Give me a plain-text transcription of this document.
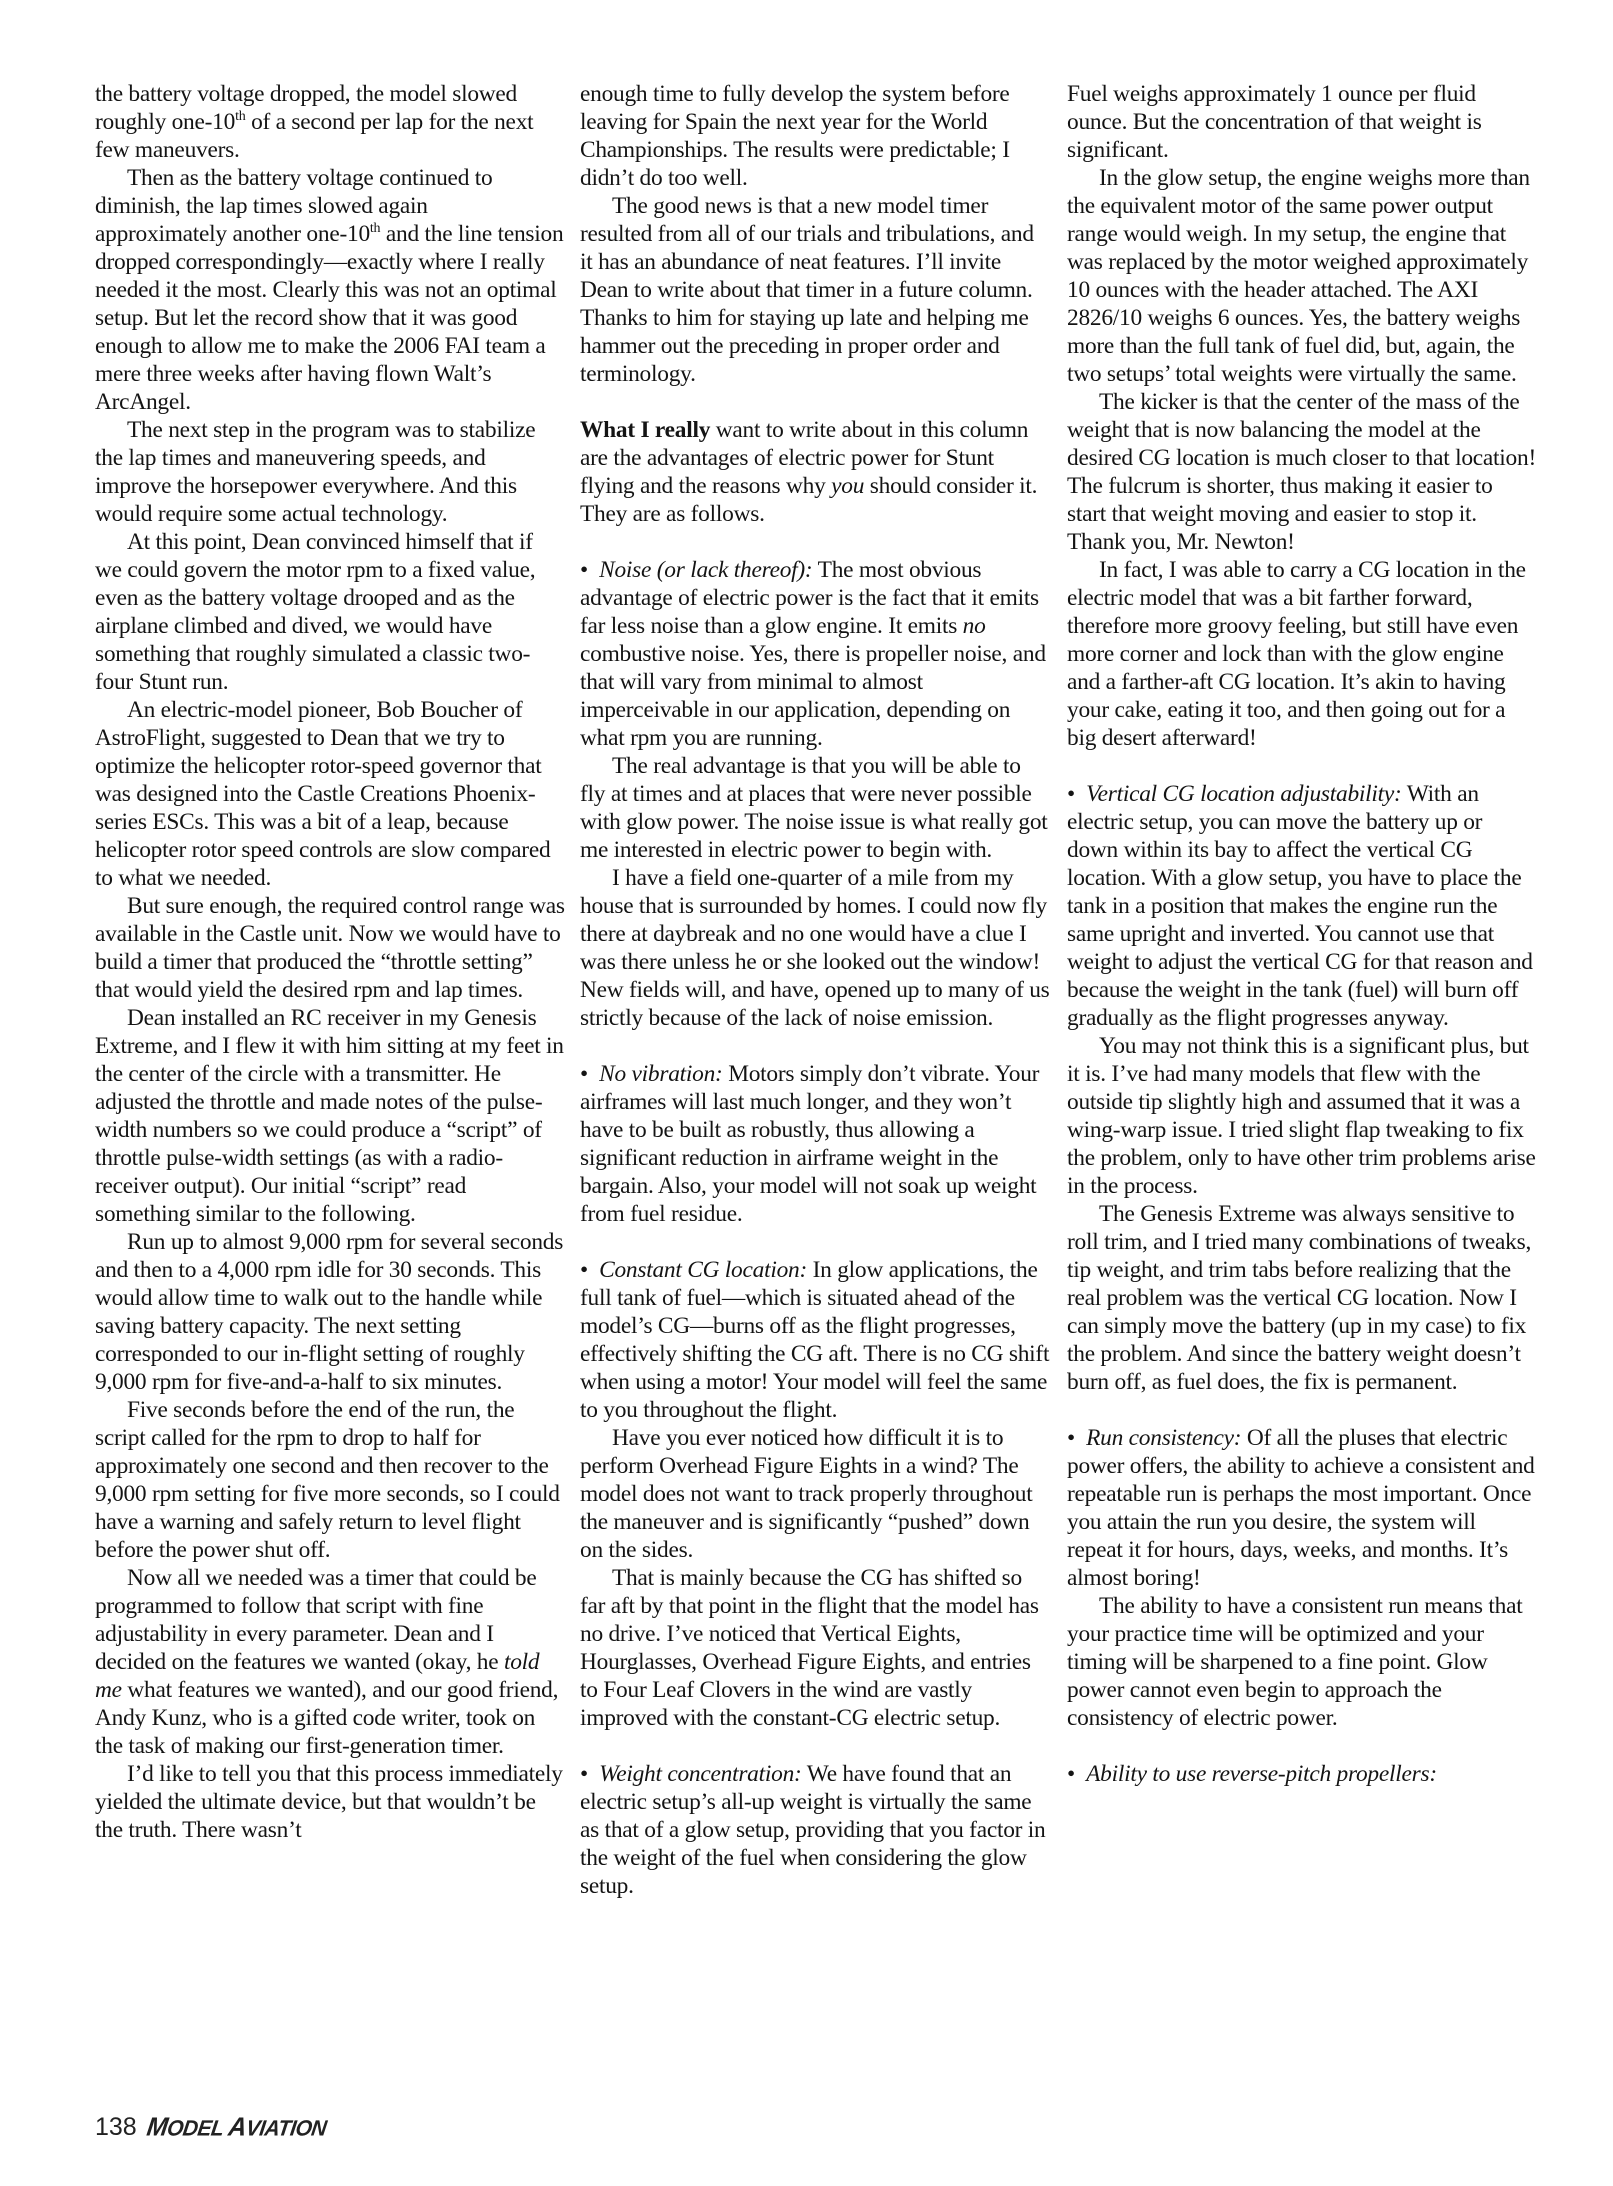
the battery voltage dropped, the model slowed roughly one-10th of a second per lap for the next few maneuvers.

Then as the battery voltage continued to diminish, the lap times slowed again approximately another one-10th and the line tension dropped correspondingly—exactly where I really needed it the most. Clearly this was not an optimal setup. But let the record show that it was good enough to allow me to make the 2006 FAI team a mere three weeks after having flown Walt’s ArcAngel.

The next step in the program was to stabilize the lap times and maneuvering speeds, and improve the horsepower everywhere. And this would require some actual technology.

At this point, Dean convinced himself that if we could govern the motor rpm to a fixed value, even as the battery voltage drooped and as the airplane climbed and dived, we would have something that roughly simulated a classic two-four Stunt run.

An electric-model pioneer, Bob Boucher of AstroFlight, suggested to Dean that we try to optimize the helicopter rotor-speed governor that was designed into the Castle Creations Phoenix-series ESCs. This was a bit of a leap, because helicopter rotor speed controls are slow compared to what we needed.

But sure enough, the required control range was available in the Castle unit. Now we would have to build a timer that produced the “throttle setting” that would yield the desired rpm and lap times.

Dean installed an RC receiver in my Genesis Extreme, and I flew it with him sitting at my feet in the center of the circle with a transmitter. He adjusted the throttle and made notes of the pulse-width numbers so we could produce a “script” of throttle pulse-width settings (as with a radio-receiver output). Our initial “script” read something similar to the following.

Run up to almost 9,000 rpm for several seconds and then to a 4,000 rpm idle for 30 seconds. This would allow time to walk out to the handle while saving battery capacity. The next setting corresponded to our in-flight setting of roughly 9,000 rpm for five-and-a-half to six minutes.

Five seconds before the end of the run, the script called for the rpm to drop to half for approximately one second and then recover to the 9,000 rpm setting for five more seconds, so I could have a warning and safely return to level flight before the power shut off.

Now all we needed was a timer that could be programmed to follow that script with fine adjustability in every parameter. Dean and I decided on the features we wanted (okay, he told me what features we wanted), and our good friend, Andy Kunz, who is a gifted code writer, took on the task of making our first-generation timer.

I’d like to tell you that this process immediately yielded the ultimate device, but that wouldn’t be the truth. There wasn’t

enough time to fully develop the system before leaving for Spain the next year for the World Championships. The results were predictable; I didn’t do too well.

The good news is that a new model timer resulted from all of our trials and tribulations, and it has an abundance of neat features. I’ll invite Dean to write about that timer in a future column. Thanks to him for staying up late and helping me hammer out the preceding in proper order and terminology.

What I really want to write about in this column are the advantages of electric power for Stunt flying and the reasons why you should consider it. They are as follows.

•  Noise (or lack thereof): The most obvious advantage of electric power is the fact that it emits far less noise than a glow engine. It emits no combustive noise. Yes, there is propeller noise, and that will vary from minimal to almost imperceivable in our application, depending on what rpm you are running.

The real advantage is that you will be able to fly at times and at places that were never possible with glow power. The noise issue is what really got me interested in electric power to begin with.

I have a field one-quarter of a mile from my house that is surrounded by homes. I could now fly there at daybreak and no one would have a clue I was there unless he or she looked out the window! New fields will, and have, opened up to many of us strictly because of the lack of noise emission.

•  No vibration: Motors simply don’t vibrate. Your airframes will last much longer, and they won’t have to be built as robustly, thus allowing a significant reduction in airframe weight in the bargain. Also, your model will not soak up weight from fuel residue.

•  Constant CG location: In glow applications, the full tank of fuel—which is situated ahead of the model’s CG—burns off as the flight progresses, effectively shifting the CG aft. There is no CG shift when using a motor! Your model will feel the same to you throughout the flight.

Have you ever noticed how difficult it is to perform Overhead Figure Eights in a wind? The model does not want to track properly throughout the maneuver and is significantly “pushed” down on the sides.

That is mainly because the CG has shifted so far aft by that point in the flight that the model has no drive. I’ve noticed that Vertical Eights, Hourglasses, Overhead Figure Eights, and entries to Four Leaf Clovers in the wind are vastly improved with the constant-CG electric setup.

•  Weight concentration: We have found that an electric setup’s all-up weight is virtually the same as that of a glow setup, providing that you factor in the weight of the fuel when considering the glow setup.

Fuel weighs approximately 1 ounce per fluid ounce. But the concentration of that weight is significant.

In the glow setup, the engine weighs more than the equivalent motor of the same power output range would weigh. In my setup, the engine that was replaced by the motor weighed approximately 10 ounces with the header attached. The AXI 2826/10 weighs 6 ounces. Yes, the battery weighs more than the full tank of fuel did, but, again, the two setups’ total weights were virtually the same.

The kicker is that the center of the mass of the weight that is now balancing the model at the desired CG location is much closer to that location! The fulcrum is shorter, thus making it easier to start that weight moving and easier to stop it. Thank you, Mr. Newton!

In fact, I was able to carry a CG location in the electric model that was a bit farther forward, therefore more groovy feeling, but still have even more corner and lock than with the glow engine and a farther-aft CG location. It’s akin to having your cake, eating it too, and then going out for a big desert afterward!

•  Vertical CG location adjustability: With an electric setup, you can move the battery up or down within its bay to affect the vertical CG location. With a glow setup, you have to place the tank in a position that makes the engine run the same upright and inverted. You cannot use that weight to adjust the vertical CG for that reason and because the weight in the tank (fuel) will burn off gradually as the flight progresses anyway.

You may not think this is a significant plus, but it is. I’ve had many models that flew with the outside tip slightly high and assumed that it was a wing-warp issue. I tried slight flap tweaking to fix the problem, only to have other trim problems arise in the process.

The Genesis Extreme was always sensitive to roll trim, and I tried many combinations of tweaks, tip weight, and trim tabs before realizing that the real problem was the vertical CG location. Now I can simply move the battery (up in my case) to fix the problem. And since the battery weight doesn’t burn off, as fuel does, the fix is permanent.

•  Run consistency: Of all the pluses that electric power offers, the ability to achieve a consistent and repeatable run is perhaps the most important. Once you attain the run you desire, the system will repeat it for hours, days, weeks, and months. It’s almost boring!

The ability to have a consistent run means that your practice time will be optimized and your timing will be sharpened to a fine point. Glow power cannot even begin to approach the consistency of electric power.

•  Ability to use reverse-pitch propellers:

138 MODEL AVIATION
